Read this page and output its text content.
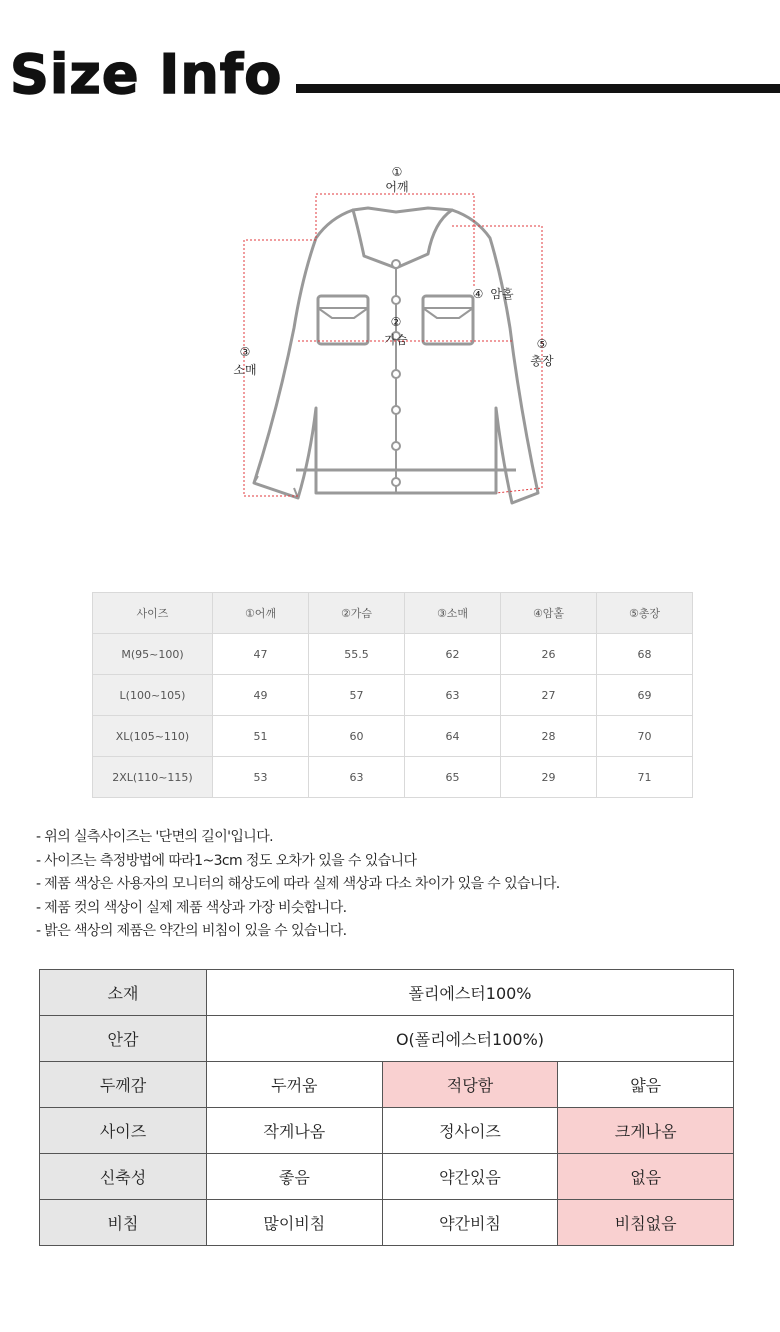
Size Info
①
어깨
②
가슴
③
소매
④ 암홀
⑤
총장
사이즈	①어깨	②가슴	③소매	④암홀	⑤총장
M(95~100)	47	55.5	62	26	68
L(100~105)	49	57	63	27	69
XL(105~110)	51	60	64	28	70
2XL(110~115)	53	63	65	29	71
- 위의 실측사이즈는 '단면의 길이'입니다.
- 사이즈는 측정방법에 따라1~3cm 정도 오차가 있을 수 있습니다
- 제품 색상은 사용자의 모니터의 해상도에 따라 실제 색상과 다소 차이가 있을 수 있습니다.
- 제품 컷의 색상이 실제 제품 색상과 가장 비슷합니다.
- 밝은 색상의 제품은 약간의 비침이 있을 수 있습니다.
소재	폴리에스터100%		
안감	O(폴리에스터100%)		
두께감	두꺼움	적당함	얇음
사이즈	작게나옴	정사이즈	크게나옴
신축성	좋음	약간있음	없음
비침	많이비침	약간비침	비침없음
